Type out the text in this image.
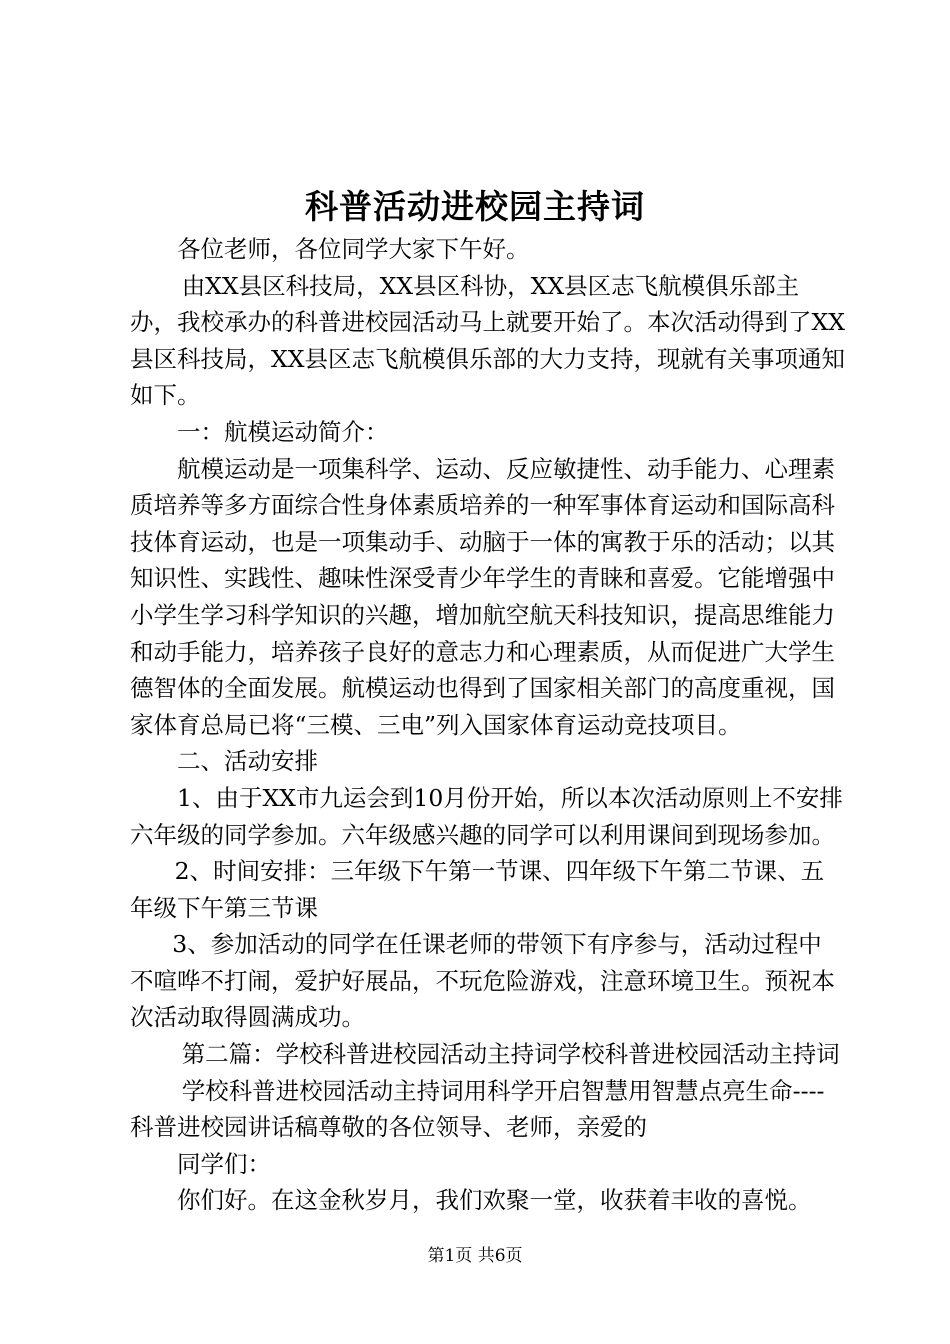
科普活动进校园主持词

各位老师，各位同学大家下午好。

由XX县区科技局，XX县区科协，XX县区志飞航模俱乐部主办，我校承办的科普进校园活动马上就要开始了。本次活动得到了XX县区科技局，XX县区志飞航模俱乐部的大力支持，现就有关事项通知如下。

一：航模运动简介：

航模运动是一项集科学、运动、反应敏捷性、动手能力、心理素质培养等多方面综合性身体素质培养的一种军事体育运动和国际高科技体育运动，也是一项集动手、动脑于一体的寓教于乐的活动；以其知识性、实践性、趣味性深受青少年学生的青睐和喜爱。它能增强中小学生学习科学知识的兴趣，增加航空航天科技知识，提高思维能力和动手能力，培养孩子良好的意志力和心理素质，从而促进广大学生德智体的全面发展。航模运动也得到了国家相关部门的高度重视，国家体育总局已将“三模、三电”列入国家体育运动竞技项目。

二、活动安排

1、由于XX市九运会到10月份开始，所以本次活动原则上不安排六年级的同学参加。六年级感兴趣的同学可以利用课间到现场参加。

2、时间安排：三年级下午第一节课、四年级下午第二节课、五年级下午第三节课

3、参加活动的同学在任课老师的带领下有序参与，活动过程中不喧哗不打闹，爱护好展品，不玩危险游戏，注意环境卫生。预祝本次活动取得圆满成功。

第二篇：学校科普进校园活动主持词学校科普进校园活动主持词

学校科普进校园活动主持词用科学开启智慧用智慧点亮生命----科普进校园讲话稿尊敬的各位领导、老师，亲爱的

同学们：

你们好。在这金秋岁月，我们欢聚一堂，收获着丰收的喜悦。

第1页 共6页
